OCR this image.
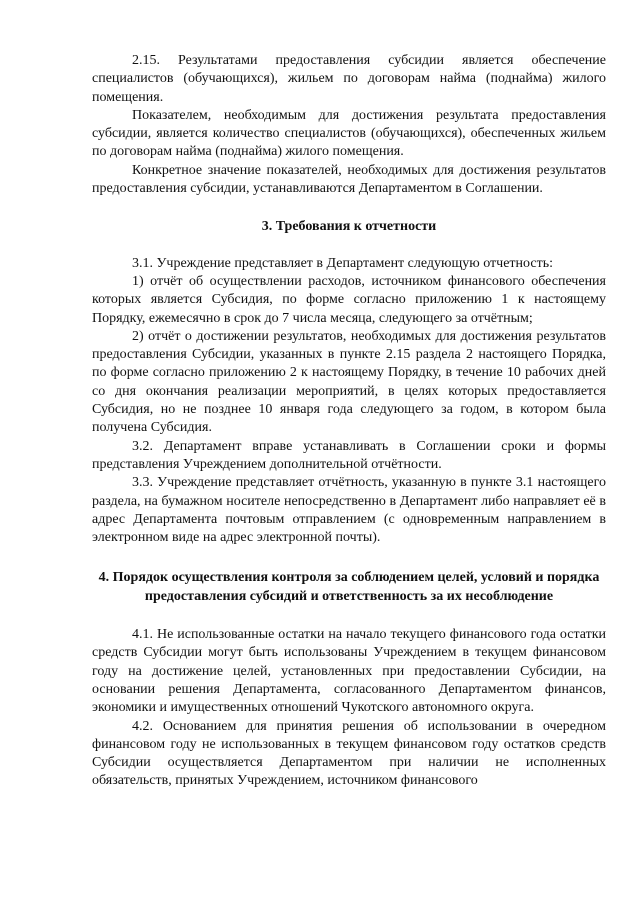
2.15. Результатами предоставления субсидии является обеспечение специалистов (обучающихся), жильем по договорам найма (поднайма) жилого помещения.

Показателем, необходимым для достижения результата предоставления субсидии, является количество специалистов (обучающихся), обеспеченных жильем по договорам найма (поднайма) жилого помещения.

Конкретное значение показателей, необходимых для достижения результатов предоставления субсидии, устанавливаются Департаментом в Соглашении.

3. Требования к отчетности

3.1. Учреждение представляет в Департамент следующую отчетность:

1) отчёт об осуществлении расходов, источником финансового обеспечения которых является Субсидия, по форме согласно приложению 1 к настоящему Порядку, ежемесячно в срок до 7 числа месяца, следующего за отчётным;

2) отчёт о достижении результатов, необходимых для достижения результатов предоставления Субсидии, указанных в пункте 2.15 раздела 2 настоящего Порядка, по форме согласно приложению 2 к настоящему Порядку, в течение 10 рабочих дней со дня окончания реализации мероприятий, в целях которых предоставляется Субсидия, но не позднее 10 января года следующего за годом, в котором была получена Субсидия.

3.2. Департамент вправе устанавливать в Соглашении сроки и формы представления Учреждением дополнительной отчётности.

3.3. Учреждение представляет отчётность, указанную в пункте 3.1 настоящего раздела, на бумажном носителе непосредственно в Департамент либо направляет её в адрес Департамента почтовым отправлением (с одновременным направлением в электронном виде на адрес электронной почты).

4. Порядок осуществления контроля за соблюдением целей, условий и порядка предоставления субсидий и ответственность за их несоблюдение

4.1. Не использованные остатки на начало текущего финансового года остатки средств Субсидии могут быть использованы Учреждением в текущем финансовом году на достижение целей, установленных при предоставлении Субсидии, на основании решения Департамента, согласованного Департаментом финансов, экономики и имущественных отношений Чукотского автономного округа.

4.2. Основанием для принятия решения об использовании в очередном финансовом году не использованных в текущем финансовом году остатков средств Субсидии осуществляется Департаментом при наличии не исполненных обязательств, принятых Учреждением, источником финансового
